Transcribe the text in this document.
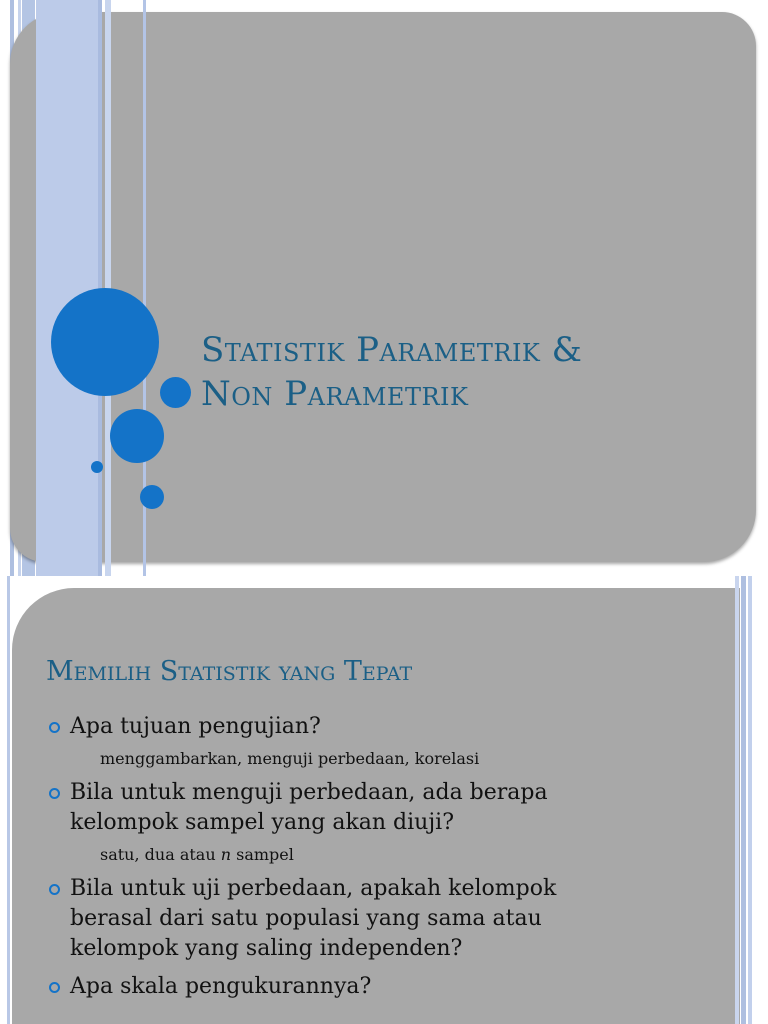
Statistik Parametrik &
Non Parametrik
Memilih Statistik yang Tepat
Apa tujuan pengujian?
menggambarkan, menguji perbedaan, korelasi
Bila untuk menguji perbedaan, ada berapa
kelompok sampel yang akan diuji?
satu, dua atau n sampel
Bila untuk uji perbedaan, apakah kelompok
berasal dari satu populasi yang sama atau
kelompok yang saling independen?
Apa skala pengukurannya?
